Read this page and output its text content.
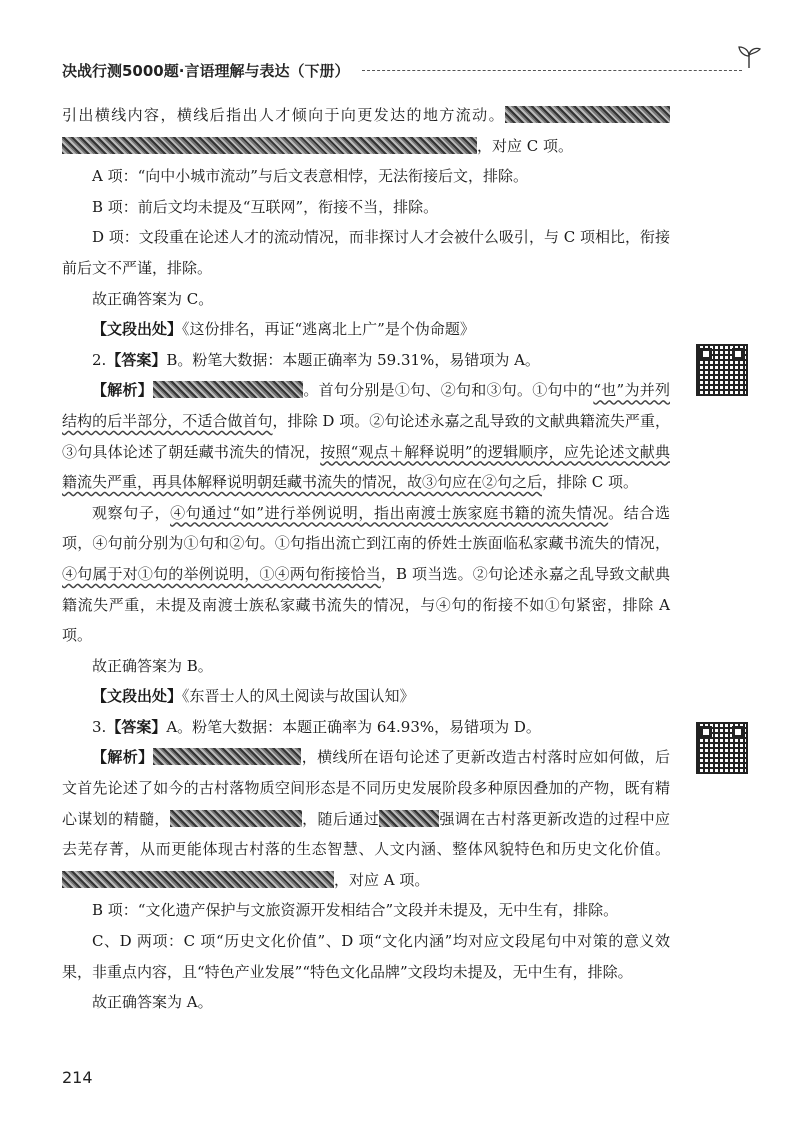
决战行测5000题·言语理解与表达（下册）

引出横线内容，横线后指出人才倾向于向更发达的地方流动。，对应 C 项。

A 项：“向中小城市流动”与后文表意相悖，无法衔接后文，排除。

B 项：前后文均未提及“互联网”，衔接不当，排除。

D 项：文段重在论述人才的流动情况，而非探讨人才会被什么吸引，与 C 项相比，衔接前后文不严谨，排除。

故正确答案为 C。

【文段出处】《这份排名，再证“逃离北上广”是个伪命题》

2.【答案】B。粉笔大数据：本题正确率为 59.31%，易错项为 A。

【解析】	。首句分别是①句、②句和③句。①句中的“也”为并列结构的后半部分，不适合做首句，排除 D 项。②句论述永嘉之乱导致的文献典籍流失严重，③句具体论述了朝廷藏书流失的情况，按照“观点＋解释说明”的逻辑顺序，应先论述文献典籍流失严重，再具体解释说明朝廷藏书流失的情况，故③句应在②句之后，排除 C 项。

观察句子，④句通过“如”进行举例说明，指出南渡士族家庭书籍的流失情况。结合选项，④句前分别为①句和②句。①句指出流亡到江南的侨姓士族面临私家藏书流失的情况，④句属于对①句的举例说明，①④两句衔接恰当，B 项当选。②句论述永嘉之乱导致文献典籍流失严重，未提及南渡士族私家藏书流失的情况，与④句的衔接不如①句紧密，排除 A 项。

故正确答案为 B。

【文段出处】《东晋士人的风土阅读与故国认知》

3.【答案】A。粉笔大数据：本题正确率为 64.93%，易错项为 D。

【解析】	，横线所在语句论述了更新改造古村落时应如何做，后文首先论述了如今的古村落物质空间形态是不同历史发展阶段多种原因叠加的产物，既有精心谋划的精髓，	，随后通过	强调在古村落更新改造的过程中应去芜存菁，从而更能体现古村落的生态智慧、人文内涵、整体风貌特色和历史文化价值。，对应 A 项。

B 项：“文化遗产保护与文旅资源开发相结合”文段并未提及，无中生有，排除。

C、D 两项：C 项“历史文化价值”、D 项“文化内涵”均对应文段尾句中对策的意义效果，非重点内容，且“特色产业发展”“特色文化品牌”文段均未提及，无中生有，排除。

故正确答案为 A。

214
